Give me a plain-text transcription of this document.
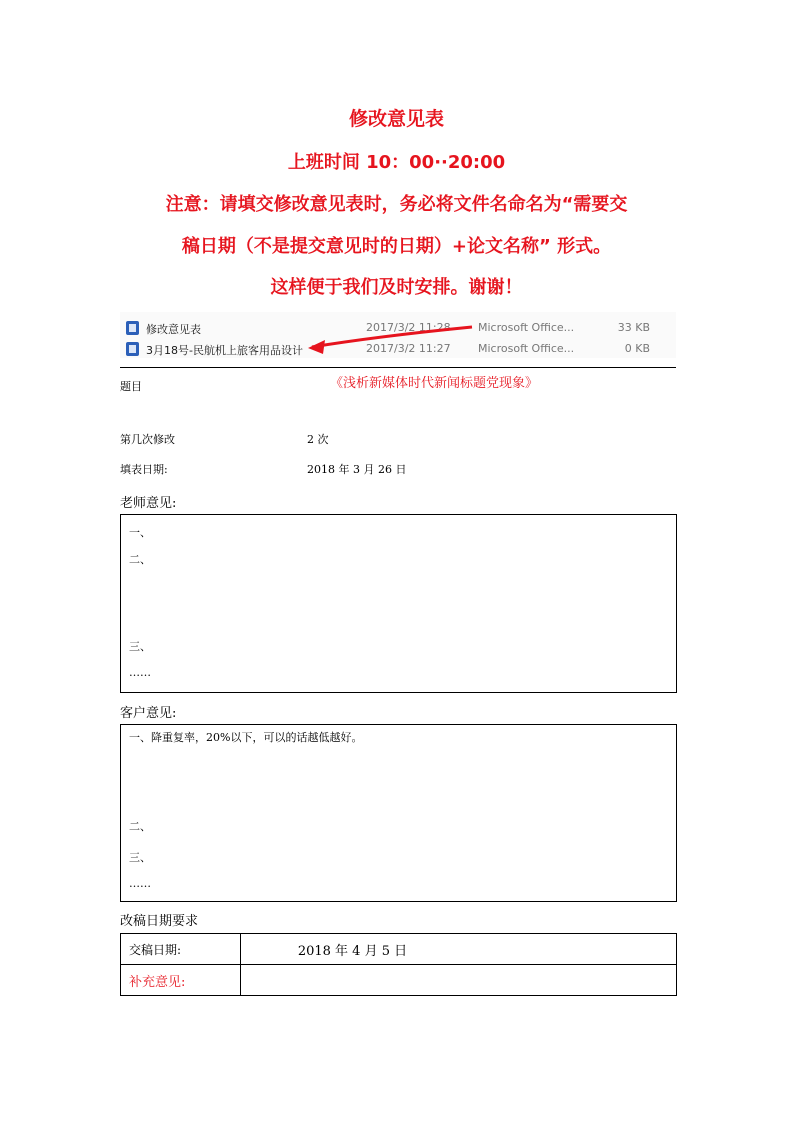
修改意见表
上班时间 10：00··20:00
注意：请填交修改意见表时，务必将文件名命名为“需要交
稿日期（不是提交意见时的日期）+论文名称” 形式。
这样便于我们及时安排。谢谢！
修改意见表	2017/3/2 11:28 Microsoft Office...	33 KB
3月18号-民航机上旅客用品设计	2017/3/2 11:27 Microsoft Office...	0 KB
题目	《浅析新媒体时代新闻标题党现象》
第几次修改	2 次
填表日期:	2018 年 3 月 26 日
老师意见:
一、
二、
三、
……
客户意见:
一、降重复率，20%以下，可以的话越低越好。
二、
三、
……
改稿日期要求
交稿日期:	2018 年 4 月 5 日
补充意见:	
